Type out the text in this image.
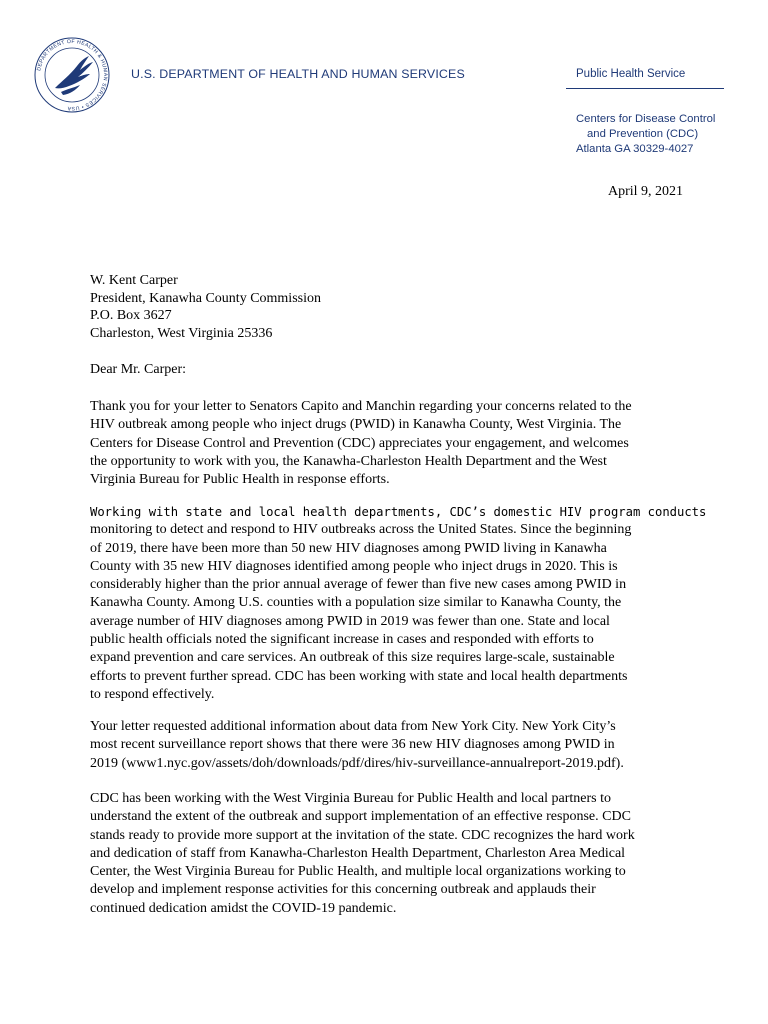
DEPARTMENT OF HEALTH & HUMAN SERVICES • USA
U.S. DEPARTMENT OF HEALTH AND HUMAN SERVICES	Public Health Service
Centers for Disease Control
and Prevention (CDC)
Atlanta GA 30329-4027
April 9, 2021
W. Kent Carper
President, Kanawha County Commission
P.O. Box 3627
Charleston, West Virginia 25336
Dear Mr. Carper:
Thank you for your letter to Senators Capito and Manchin regarding your concerns related to the
HIV outbreak among people who inject drugs (PWID) in Kanawha County, West Virginia. The
Centers for Disease Control and Prevention (CDC) appreciates your engagement, and welcomes
the opportunity to work with you, the Kanawha-Charleston Health Department and the West
Virginia Bureau for Public Health in response efforts.
Working with state and local health departments, CDC’s domestic HIV program conducts
monitoring to detect and respond to HIV outbreaks across the United States. Since the beginning
of 2019, there have been more than 50 new HIV diagnoses among PWID living in Kanawha
County with 35 new HIV diagnoses identified among people who inject drugs in 2020. This is
considerably higher than the prior annual average of fewer than five new cases among PWID in
Kanawha County. Among U.S. counties with a population size similar to Kanawha County, the
average number of HIV diagnoses among PWID in 2019 was fewer than one. State and local
public health officials noted the significant increase in cases and responded with efforts to
expand prevention and care services. An outbreak of this size requires large-scale, sustainable
efforts to prevent further spread. CDC has been working with state and local health departments
to respond effectively.
Your letter requested additional information about data from New York City. New York City’s
most recent surveillance report shows that there were 36 new HIV diagnoses among PWID in
2019 (www1.nyc.gov/assets/doh/downloads/pdf/dires/hiv-surveillance-annualreport-2019.pdf).
CDC has been working with the West Virginia Bureau for Public Health and local partners to
understand the extent of the outbreak and support implementation of an effective response. CDC
stands ready to provide more support at the invitation of the state. CDC recognizes the hard work
and dedication of staff from Kanawha-Charleston Health Department, Charleston Area Medical
Center, the West Virginia Bureau for Public Health, and multiple local organizations working to
develop and implement response activities for this concerning outbreak and applauds their
continued dedication amidst the COVID-19 pandemic.
